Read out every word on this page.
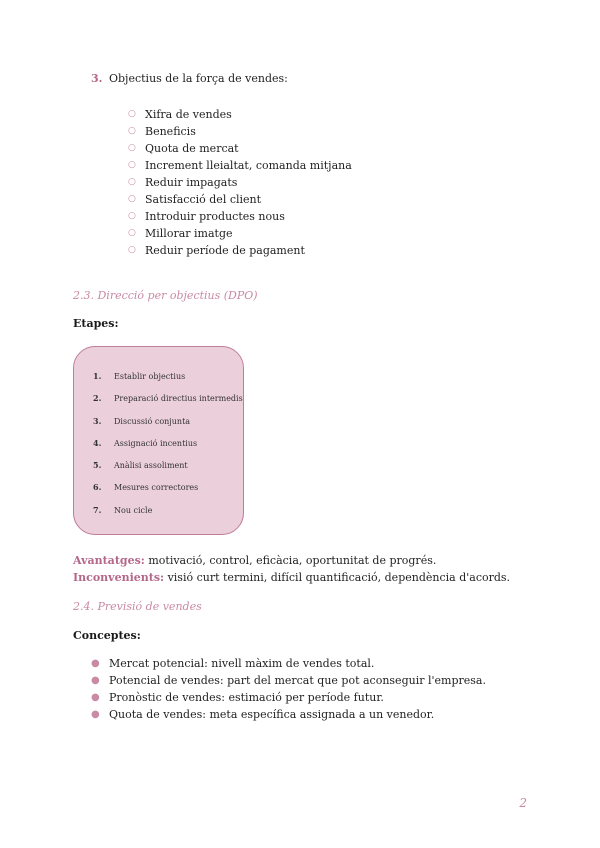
3. Objectius de la força de vendes:
○ Xifra de vendes
○ Beneficis
○ Quota de mercat
○ Increment lleialtat, comanda mitjana
○ Reduir impagats
○ Satisfacció del client
○ Introduir productes nous
○ Millorar imatge
○ Reduir període de pagament
2.3. Direcció per objectius (DPO)
Etapes:
1. Establir objectius
2. Preparació directius intermedis
3. Discussió conjunta
4. Assignació incentius
5. Anàlisi assoliment
6. Mesures correctores
7. Nou cicle
Avantatges: motivació, control, eficàcia, oportunitat de progrés.
Inconvenients: visió curt termini, difícil quantificació, dependència d'acords.
2.4. Previsió de vendes
Conceptes:
● Mercat potencial: nivell màxim de vendes total.
● Potencial de vendes: part del mercat que pot aconseguir l'empresa.
● Pronòstic de vendes: estimació per període futur.
● Quota de vendes: meta específica assignada a un venedor.
2
